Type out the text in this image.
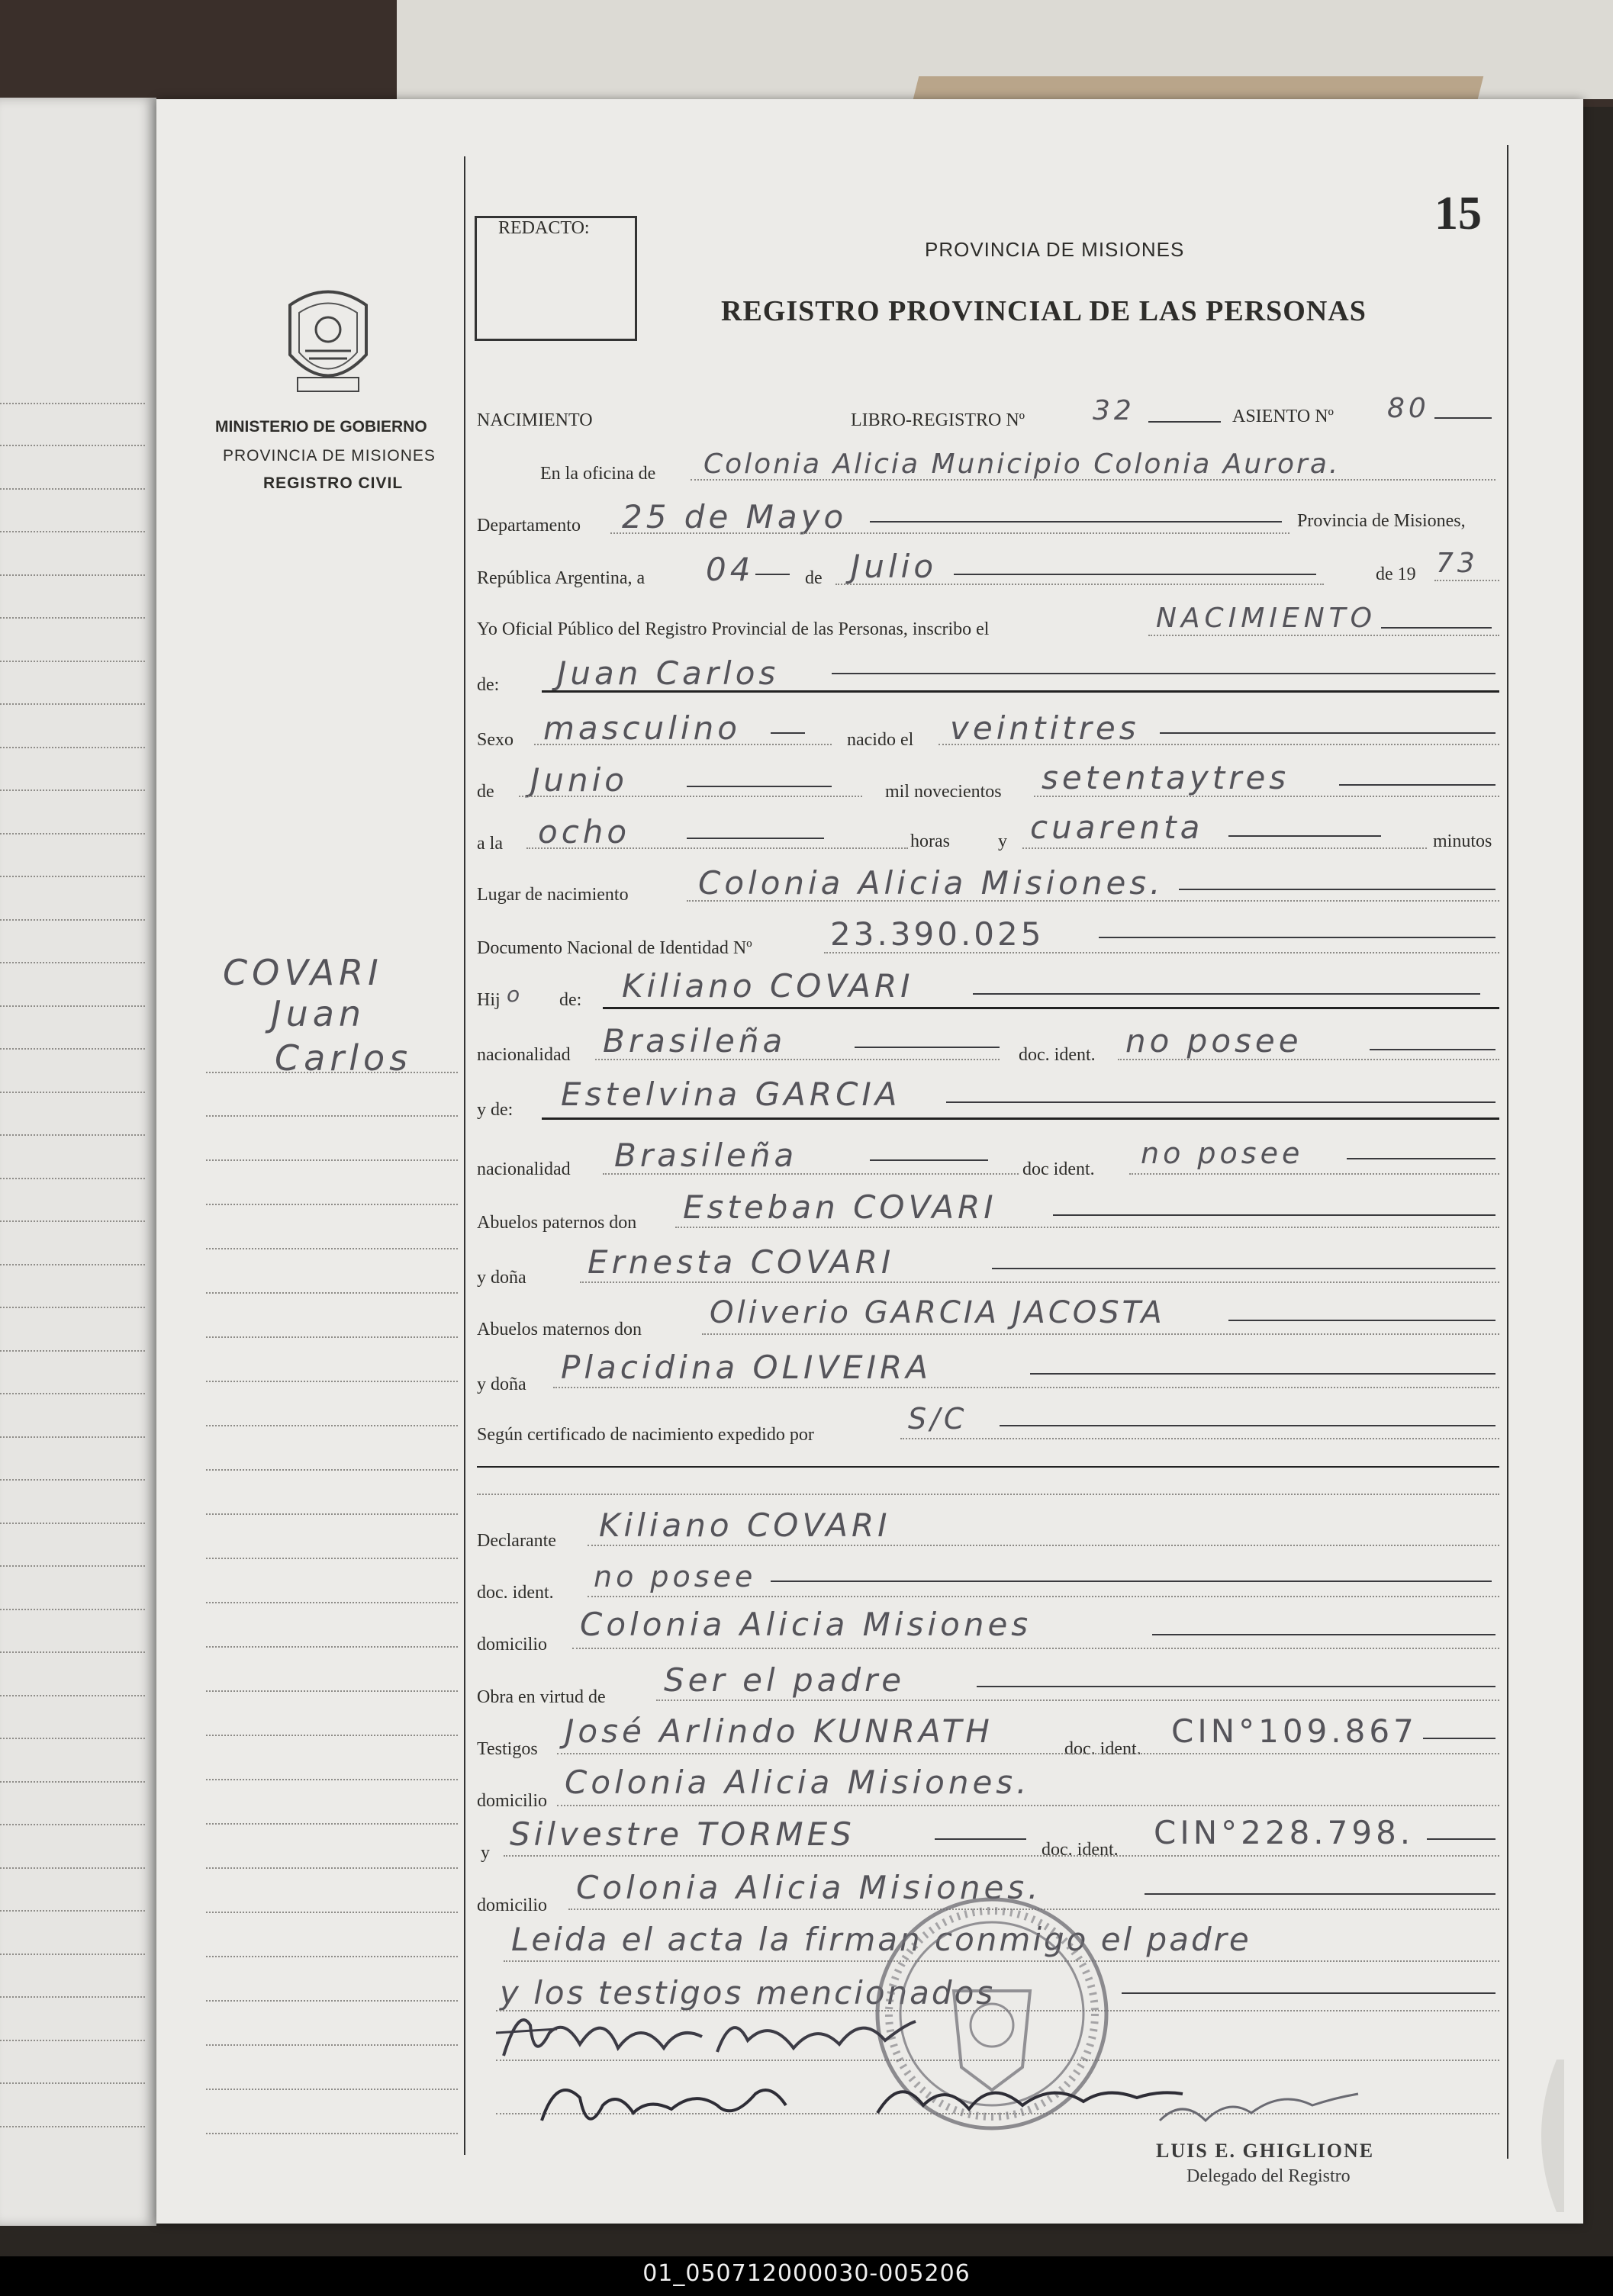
REDACTO:	15
PROVINCIA DE MISIONES
REGISTRO PROVINCIAL DE LAS PERSONAS
MINISTERIO DE GOBIERNO
PROVINCIA DE MISIONES
REGISTRO CIVIL
COVARI
Juan
Carlos
NACIMIENTO	LIBRO-REGISTRO Nº 32	ASIENTO Nº 80
En la oficina de Colonia Alicia Municipio Colonia Aurora.
Departamento 25 de Mayo	Provincia de Misiones,
República Argentina, a 04	de Julio	de 19 73
Yo Oficial Público del Registro Provincial de las Personas, inscribo el	NACIMIENTO
de: Juan Carlos
Sexo masculino	nacido el veintitres
de Junio	mil novecientos setentaytres
a la ocho	horas	y cuarenta	minutos
Lugar de nacimiento Colonia Alicia Misiones.
Documento Nacional de Identidad Nº 23.390.025
Hij o de: Kiliano COVARI
nacionalidad Brasileña	doc. ident. no posee
y de: Estelvina GARCIA
nacionalidad Brasileña	doc ident. no posee
Abuelos paternos don Esteban COVARI
y doña Ernesta COVARI
Abuelos maternos don Oliverio GARCIA JACOSTA
y doña Placidina OLIVEIRA
Según certificado de nacimiento expedido por	S/C
Declarante Kiliano COVARI
doc. ident. no posee
domicilio
Colonia Alicia Misiones
Obra en virtud de Ser el padre
Testigos José Arlindo KUNRATH	doc. ident. CIN°109.867
domicilio Colonia Alicia Misiones.
y Silvestre TORMES	doc. ident. CIN°228.798.
domicilio Colonia Alicia Misiones.
Leida el acta la firman conmigo el padre
y los testigos mencionados
LUIS E. GHIGLIONE
Delegado del Registro
01_050712000030-005206
